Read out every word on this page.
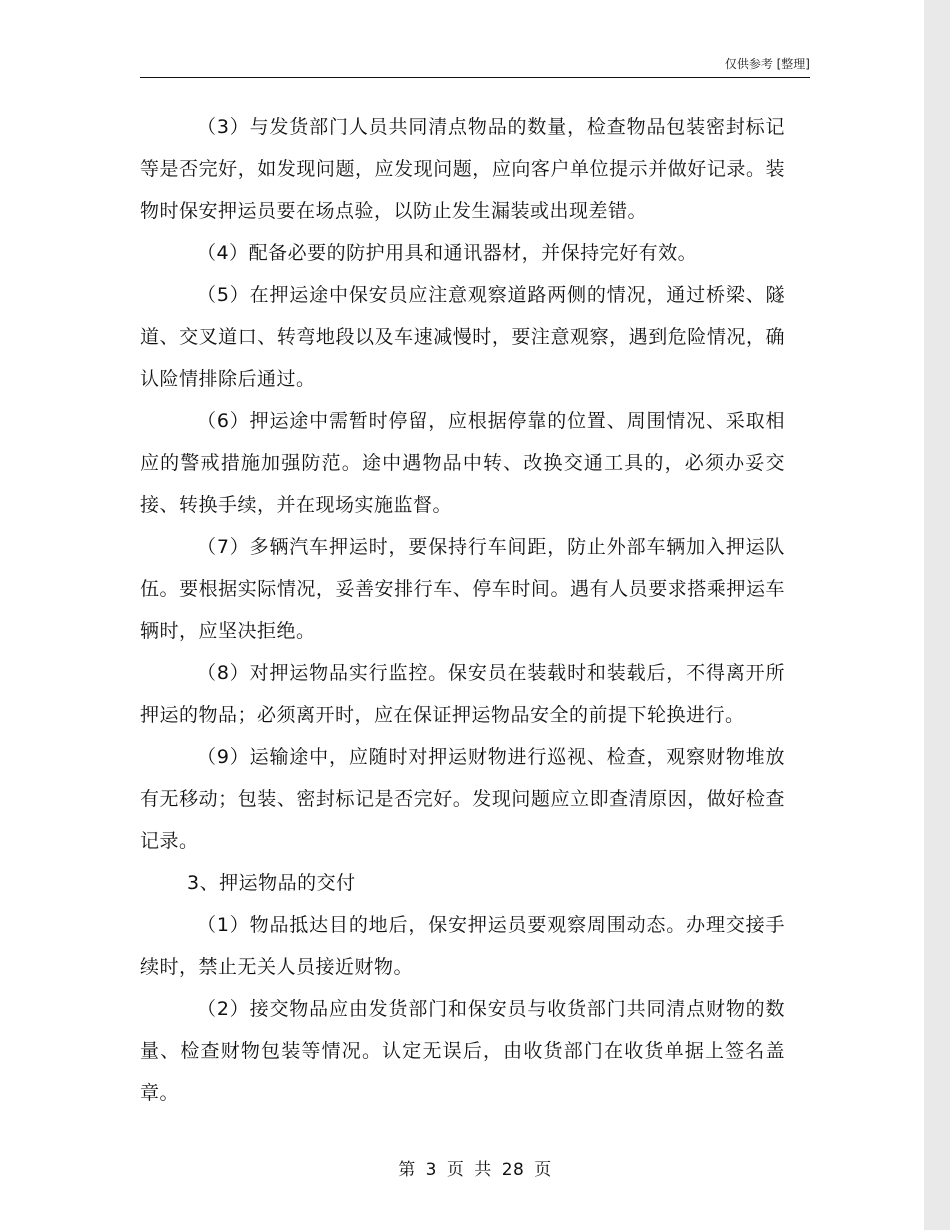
仅供参考 [整理]

（3）与发货部门人员共同清点物品的数量，检查物品包装密封标记等是否完好，如发现问题，应发现问题，应向客户单位提示并做好记录。装物时保安押运员要在场点验，以防止发生漏装或出现差错。

（4）配备必要的防护用具和通讯器材，并保持完好有效。

（5）在押运途中保安员应注意观察道路两侧的情况，通过桥梁、隧道、交叉道口、转弯地段以及车速减慢时，要注意观察，遇到危险情况，确认险情排除后通过。

（6）押运途中需暂时停留，应根据停靠的位置、周围情况、采取相应的警戒措施加强防范。途中遇物品中转、改换交通工具的，必须办妥交接、转换手续，并在现场实施监督。

（7）多辆汽车押运时，要保持行车间距，防止外部车辆加入押运队伍。要根据实际情况，妥善安排行车、停车时间。遇有人员要求搭乘押运车辆时，应坚决拒绝。

（8）对押运物品实行监控。保安员在装载时和装载后，不得离开所押运的物品；必须离开时，应在保证押运物品安全的前提下轮换进行。

（9）运输途中，应随时对押运财物进行巡视、检查，观察财物堆放有无移动；包装、密封标记是否完好。发现问题应立即查清原因，做好检查记录。

3、押运物品的交付

（1）物品抵达目的地后，保安押运员要观察周围动态。办理交接手续时，禁止无关人员接近财物。

（2）接交物品应由发货部门和保安员与收货部门共同清点财物的数量、检查财物包装等情况。认定无误后，由收货部门在收货单据上签名盖章。

第 3 页 共 28 页
